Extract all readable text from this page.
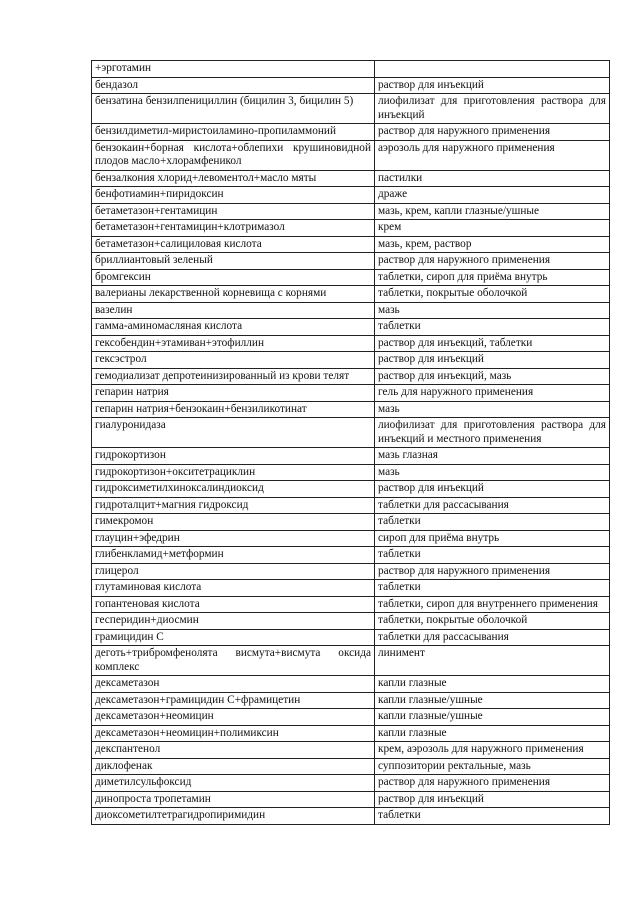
+эрготамин	
бендазол	раствор для инъекций
бензатина бензилпенициллин (бицилин 3, бицилин 5)	лиофилизат для приготовления раствора для инъекций
бензилдиметил-миристоиламино-пропиламмоний	раствор для наружного применения
бензокаин+борная кислота+облепихи крушиновидной плодов масло+хлорамфеникол	аэрозоль для наружного применения
бензалкония хлорид+левоментол+масло мяты	пастилки
бенфотиамин+пиридоксин	драже
бетаметазон+гентамицин	мазь, крем, капли глазные/ушные
бетаметазон+гентамицин+клотримазол	крем
бетаметазон+салициловая кислота	мазь, крем, раствор
бриллиантовый зеленый	раствор для наружного применения
бромгексин	таблетки, сироп для приёма внутрь
валерианы лекарственной корневища с корнями	таблетки, покрытые оболочкой
вазелин	мазь
гамма-аминомасляная кислота	таблетки
гексобендин+этамиван+этофиллин	раствор для инъекций, таблетки
гексэстрол	раствор для инъекций
гемодиализат депротеинизированный из крови телят	раствор для инъекций, мазь
гепарин натрия	гель для наружного применения
гепарин натрия+бензокаин+бензиликотинат	мазь
гиалуронидаза	лиофилизат для приготовления раствора для инъекций и местного применения
гидрокортизон	мазь глазная
гидрокортизон+окситетрациклин	мазь
гидроксиметилхиноксалиндиоксид	раствор для инъекций
гидроталцит+магния гидроксид	таблетки для рассасывания
гимекромон	таблетки
глауцин+эфедрин	сироп для приёма внутрь
глибенкламид+метформин	таблетки
глицерол	раствор для наружного применения
глутаминовая кислота	таблетки
гопантеновая кислота	таблетки, сироп для внутреннего применения
гесперидин+диосмин	таблетки, покрытые оболочкой
грамицидин С	таблетки для рассасывания
деготь+трибромфенолята висмута+висмута оксида комплекс	линимент
дексаметазон	капли глазные
дексаметазон+грамицидин С+фрамицетин	капли глазные/ушные
дексаметазон+неомицин	капли глазные/ушные
дексаметазон+неомицин+полимиксин	капли глазные
декспантенол	крем, аэрозоль для наружного применения
диклофенак	суппозитории ректальные, мазь
диметилсульфоксид	раствор для наружного применения
динопроста тропетамин	раствор для инъекций
диоксометилтетрагидропиримидин	таблетки
